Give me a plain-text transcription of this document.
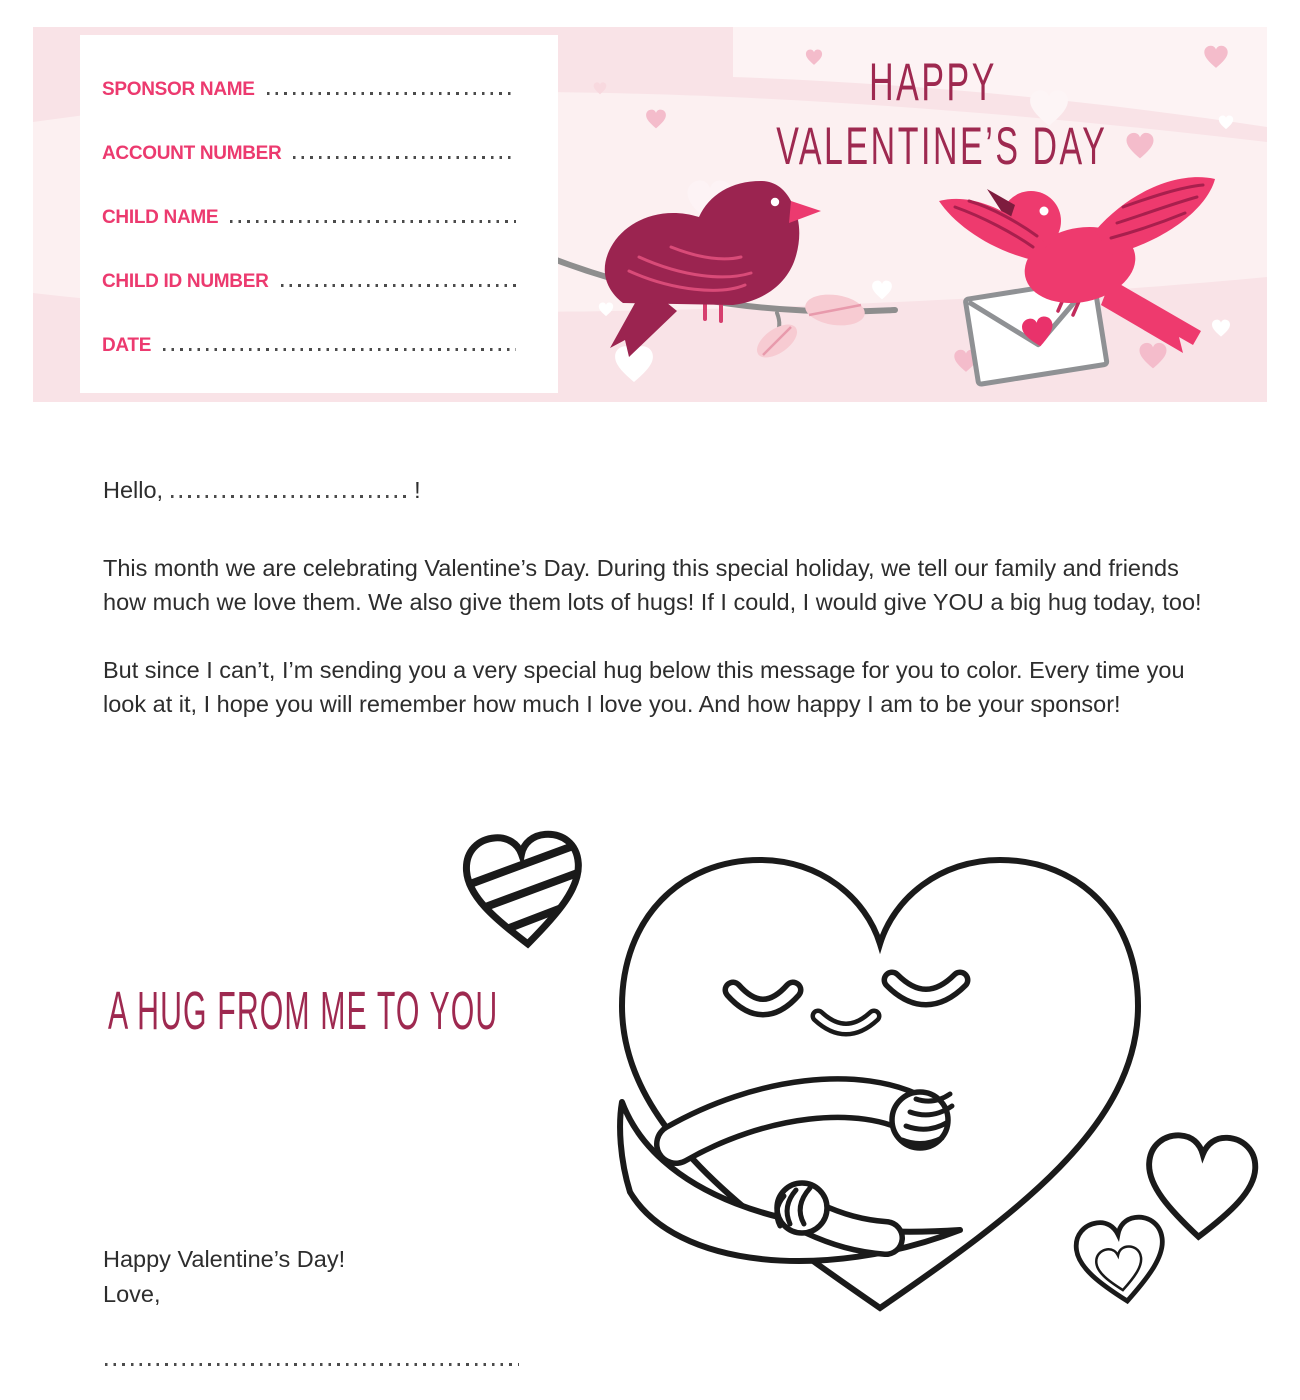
SPONSOR NAME
ACCOUNT NUMBER
CHILD NAME
CHILD ID NUMBER
DATE
HAPPY
VALENTINE’S DAY

Hello,	!

This month we are celebrating Valentine’s Day. During this special holiday, we tell our family and friends how much we love them. We also give them lots of hugs! If I could, I would give YOU a big hug today, too!

But since I can’t, I’m sending you a very special hug below this message for you to color. Every time you look at it, I hope you will remember how much I love you. And how happy I am to be your sponsor!

A HUG FROM ME TO YOU

Happy Valentine’s Day!

Love,
